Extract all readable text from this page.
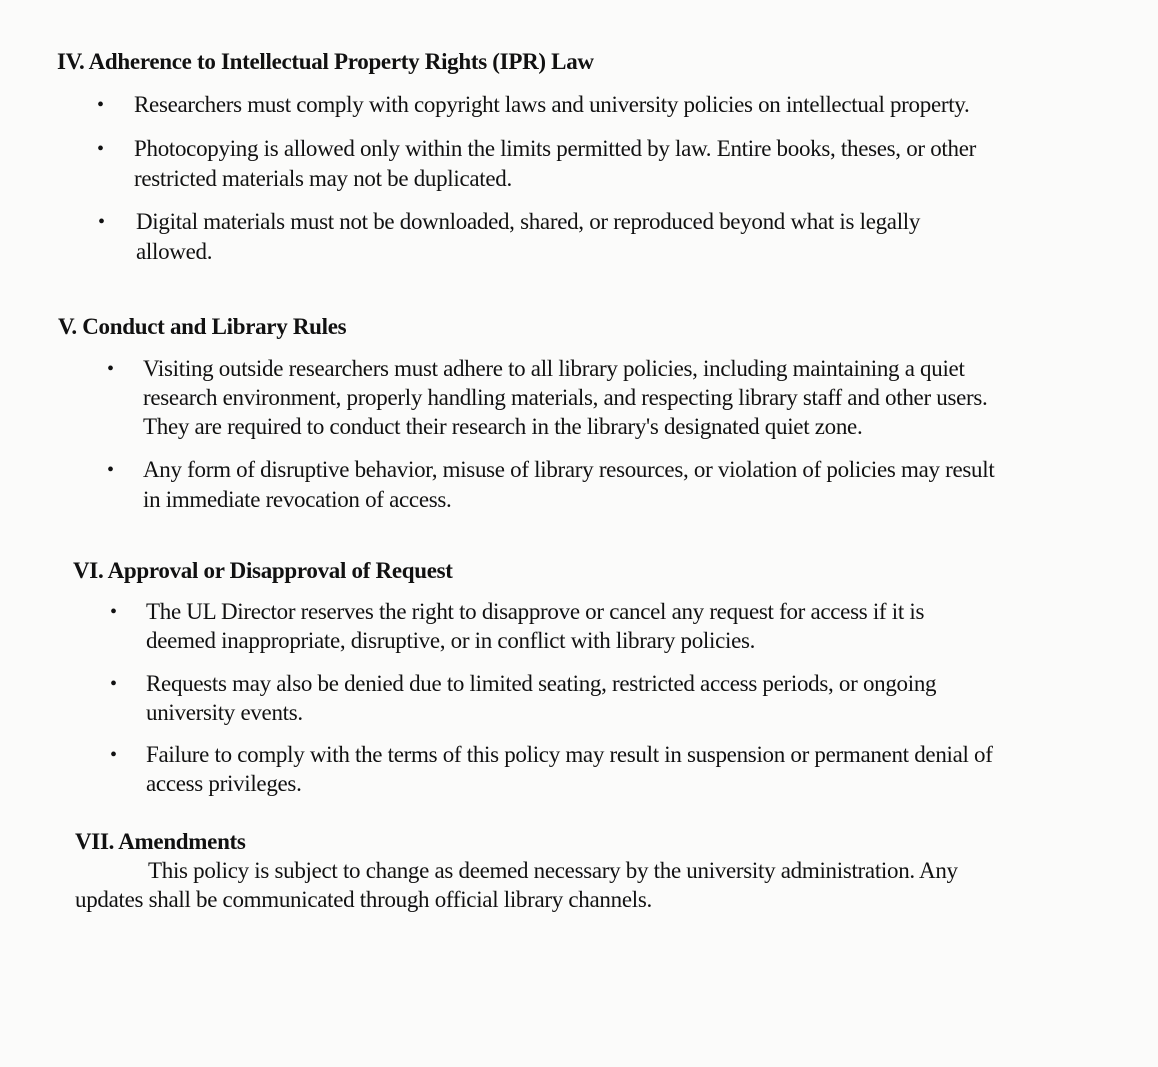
IV. Adherence to Intellectual Property Rights (IPR) Law
• Researchers must comply with copyright laws and university policies on intellectual property.
• Photocopying is allowed only within the limits permitted by law. Entire books, theses, or other
restricted materials may not be duplicated.
• Digital materials must not be downloaded, shared, or reproduced beyond what is legally
allowed.
V. Conduct and Library Rules
• Visiting outside researchers must adhere to all library policies, including maintaining a quiet
research environment, properly handling materials, and respecting library staff and other users.
They are required to conduct their research in the library's designated quiet zone.
• Any form of disruptive behavior, misuse of library resources, or violation of policies may result
in immediate revocation of access.
VI. Approval or Disapproval of Request
• The UL Director reserves the right to disapprove or cancel any request for access if it is
deemed inappropriate, disruptive, or in conflict with library policies.
• Requests may also be denied due to limited seating, restricted access periods, or ongoing
university events.
• Failure to comply with the terms of this policy may result in suspension or permanent denial of
access privileges.
VII. Amendments
This policy is subject to change as deemed necessary by the university administration. Any
updates shall be communicated through official library channels.
